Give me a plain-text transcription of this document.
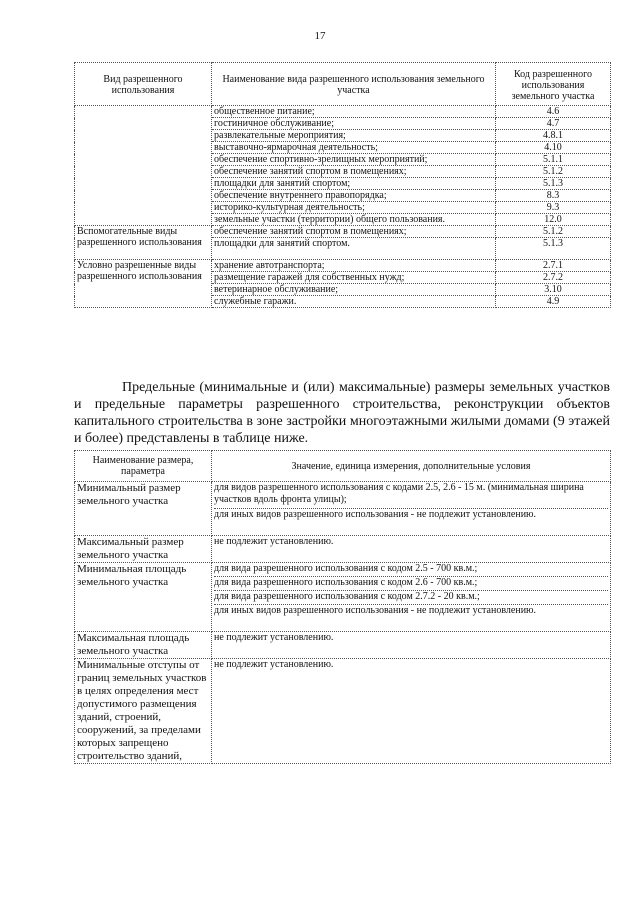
17
Вид разрешенного использования	Наименование вида разрешенного использования земельного участка	Код разрешенного использования земельного участка
	общественное питание;	4.6
	гостиничное обслуживание;	4.7
	развлекательные мероприятия;	4.8.1
	выставочно-ярмарочная деятельность;	4.10
	обеспечение спортивно-зрелищных мероприятий;	5.1.1
	обеспечение занятий спортом в помещениях;	5.1.2
	площадки для занятий спортом;	5.1.3
	обеспечение внутреннего правопорядка;	8.3
	историко-культурная деятельность;	9.3
	земельные участки (территории) общего пользования.	12.0
Вспомогательные виды разрешенного использования	обеспечение занятий спортом в помещениях;	5.1.2
	площадки для занятий спортом.	5.1.3
Условно разрешенные виды разрешенного использования	хранение автотранспорта;	2.7.1
	размещение гаражей для собственных нужд;	2.7.2
	ветеринарное обслуживание;	3.10
	служебные гаражи.	4.9
Предельные (минимальные и (или) максимальные) размеры земельных участков и предельные параметры разрешенного строительства, реконструкции объектов капитального строительства в зоне застройки многоэтажными жилыми домами (9 этажей и более) представлены в таблице ниже.
Наименование размера, параметра	Значение, единица измерения, дополнительные условия
Минимальный размер земельного участка	для видов разрешенного использования с кодами 2.5, 2.6 - 15 м. (минимальная ширина участков вдоль фронта улицы);
для иных видов разрешенного использования - не подлежит установлению.

Максимальный размер земельного участка	не подлежит установлению.

Минимальная площадь земельного участка	для вида разрешенного использования с кодом 2.5 - 700 кв.м.;
для вида разрешенного использования с кодом 2.6 - 700 кв.м.;
для вида разрешенного использования с кодом 2.7.2 - 20 кв.м.;
для иных видов разрешенного использования - не подлежит установлению.

Максимальная площадь земельного участка	не подлежит установлению.

Минимальные отступы от границ земельных участков в целях определения мест допустимого размещения зданий, строений, сооружений, за пределами которых запрещено строительство зданий,	не подлежит установлению.
